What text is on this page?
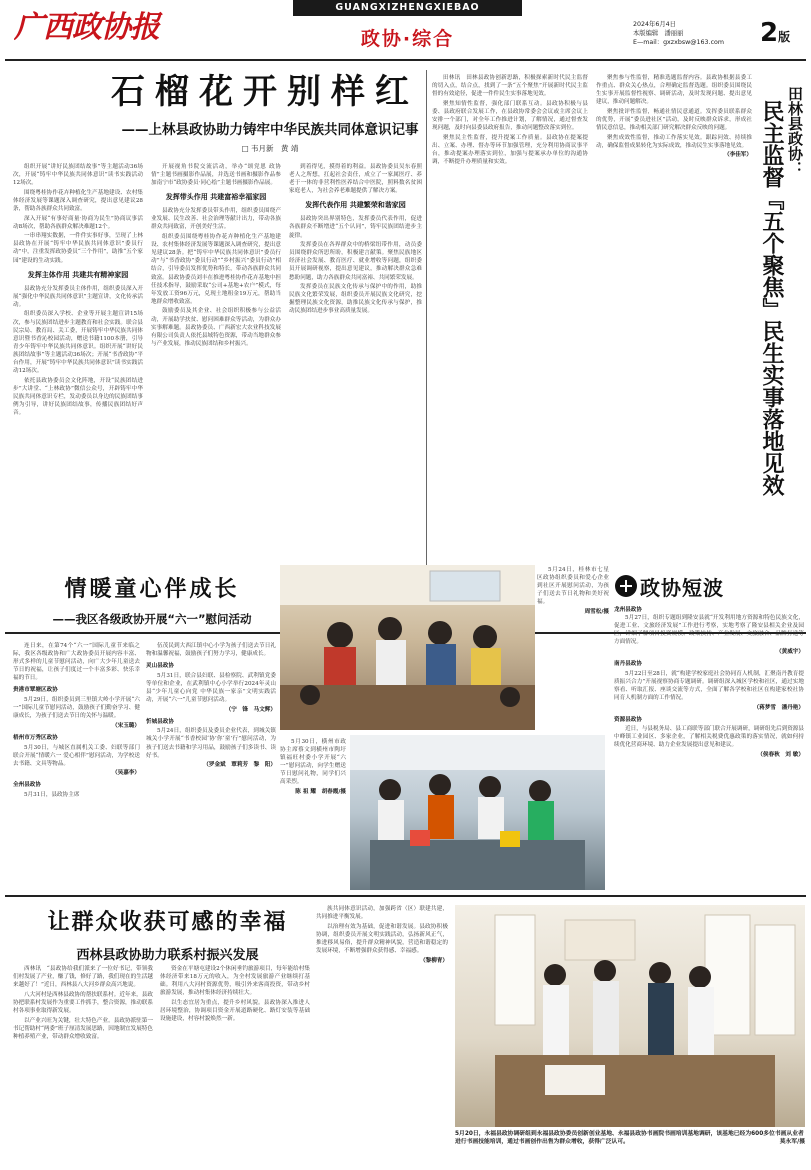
广西政协报
GUANGXIZHENGXIEBAO
政协·综合
2024年6月4日
本版编辑　潘丽丽
E—mail：gxzxbsw@163.com	2版
石榴花开别样红
——上林县政协助力铸牢中华民族共同体意识记事
□ 韦月新　黄 靖

组织开展“讲好民族团结故事”等主题活动36场次，开展“铸牢中华民族共同体意识”读书实践活动12场次。

围绕粤桂协作花卉种植化生产基地建设、农村集体经济发展等课题深入调查研究，提出意见建议28条，帮助各族群众共同致富。

深入开展“有事好商量·协商为民生”协商议事活动8场次，帮助各族群众解决难题12个。

一串串翔实数据，一件件实事好事，呈现了上林县政协在开展“铸牢中华民族共同体意识”委员行动”中，注重发挥政协委员“三个作用”，助推“五个家园”建设的生动实践。

发挥主体作用 共建共有精神家园

县政协充分发挥委员主体作用，组织委员深入开展“强化中华民族共同体意识”主题宣讲，文化传承活动。

组织委员深入学校、企业等开展主题宣讲15场次，参与民族团结进步主题教育和社会实践。联合县民宗局、教育局、关工委，开展铸牢中华民族共同体意识暨书香沁校园活动，赠送书籍1100本册，引导青少年铸牢中华民族共同体意识。组织开展“讲好民族团结故事”等主题活动36场次；开展“书香政协”平台作用，开展“铸牢中华民族共同体意识”读书实践活动12场次。

依托县政协委员会文化阵地，开设“民族团结进步”大讲堂、“上林政协”微信公众号，开辟铸牢中华民族共同体意识专栏，发动委员以身边的民族团结事例为引导，讲好民族团结故事，传播民族团结好声音。

开展视角书院交流活动，举办“颂党恩 政协情”主题书画摄影作品展，并选送书画和摄影作品参加南宁市“政协委员·同心绘”主题书画摄影作品展。

发挥带头作用 共建富裕幸福家园

县政协充分发挥委员带头作用，组织委员围绕产业发展、民生改善、社会治理等献计出力，带动各族群众共同致富，开创美好生活。

组织委员围绕粤桂协作花卉种植化生产基地建设、农村集体经济发展等课题深入调查研究，提出意见建议28条。把“铸牢中华民族共同体意识”委员行动”与“书香政协”委员行动”“乡村振兴”委员行动”相结合，引导委员发挥优势和特长，带动各族群众共同致富。县政协委员刘丰在推进粤桂协作花卉基地中担任技术指导，鼓励采取“公司+基地+农户”模式，每年发放工资96万元，兑现土地租金19万元，帮助当地群众增收致富。

鼓励委员及其企业、社会组织积极参与公益活动，开展助学扶贫、慰问困难群众等活动，为群众办实事解难题。县政协委员、广西新宏大农业科技发展有限公司负责人依托县域特色资源，带动当地群众参与产业发展，推动民族团结和乡村振兴。

到着得见，摸得着的利益。县政协委员吴东春照老人之所想，扛起社会责任，成立了一家属医疗、养老于一体的非营利性医养结合中医院，照料数名贫困家庭老人，为社会养老难题提供了解决方案。

发挥代表作用 共建繁荣和谐家园

县政协突出界别特色，发挥委员代表作用，促进各族群众不断增进“五个认同”，铸牢民族团结进步主旋律。

发挥委员在各界群众中的桥梁纽带作用，动员委员围绕群众所思所盼，积极建言献策。聚焦民族地区经济社会发展、教育医疗、就业增收等问题，组织委员开展调研视察，提出意见建议，推动解决群众急难愁盼问题，助力各族群众共同富裕、共同繁荣发展。

发挥委员在民族文化传承与保护中的作用，助推民族文化繁荣发展，组织委员开展民族文化研究，挖掘整理民族文化资源，助推民族文化传承与保护，推动民族团结进步事业高质量发展。

田林讯　田林县政协创新思路，积极探索新时代民主监督的切入点，结合点，找到了一条“五个聚焦”开展新时代民主监督的有效途径，促进一件件民生实事落地见效。

聚焦知情性监督，强化部门联系互动。县政协积极与县委、县政府联合发展工作，在县政协常委会会议或主席会议上安排一个部门，对全年工作推进计划，了解情况，通过督查发现问题，及时向县委县政府报告，推动问题整改落实到位。

聚焦民主性监督，提升提案工作质量。县政协在提案提出、立案、办理、督办等环节加强管理，充分利用协商议事平台，推动提案办理落实到位，加强与提案承办单位的沟通协调，不断提升办理质量和实效。

聚焦参与性监督，精准选题监督内容。县政协根据县委工作重点、群众关心热点，合理确定监督选题。组织委员围绕民生实事开展监督性视察、调研活动，及时发现问题、提出意见建议，推动问题解决。

聚焦批评性监督，畅通社情民意通道。发挥委员联系群众的优势，开展“委员进社区”活动，及时反映群众诉求，形成社情民意信息，推动相关部门研究解决群众反映的问题。

聚焦成效性监督，推动工作落实见效。跟踪问效、持续推动，确保监督成果转化为实际成效，推动民生实事落地见效。

（李佳军） 田林县政协：
民主监督『五个聚焦』民生实事落地见效
情暖童心伴成长
——我区各级政协开展“六一”慰问活动

连日来，在第74个“六一”国际儿童节来临之际，我区各级政协和广大政协委员开展内容丰富、形式多样的儿童节慰问活动，向广大少年儿童送去节日的祝福，让孩子们度过一个丰富多彩、快乐幸福的节日。

贵港市覃塘区政协

5月29日，组织委员到三里镇大岭小学开展“六一”国际儿童节慰问活动，鼓励孩子们勤奋学习、健康成长，为孩子们送去节日的关怀与温暖。

（宋玉璐）

梧州市万秀区政协

5月30日，与城区直属机关工委、妇联等部门联合开展“情暖六一 爱心相伴”慰问活动，为学校送去书籍、文具等物品。

（吴嘉李）

全州县政协

5月31日，县政协主席

伍茂民到大西江镇中心小学为孩子们送去节日礼物和温馨祝福，鼓励孩子们努力学习，健康成长。

灵山县政协

5月31日，联合县妇联、县检察院、武利镇党委等单位和企业，在武利镇中心小学举行2024年灵山县“少年儿童心向党 中华民族一家亲”文明实践活动，开展“六一”儿童节慰问活动。

（宁　锋　马文辉）

忻城县政协

5月24日，组织委员及委员企业代表，到城关镇城关小学开展“书香校园‘协’你‘童’行”慰问活动，为孩子们送去书籍和学习用品，鼓励孩子们多读书、读好书。

（罗金斌　覃莉芳　黎　阳）

5月24日，桂林市七星区政协组织委员和爱心企业到社区开展慰问活动，为孩子们送去节日礼物和美好祝福。

周雪松/摄

5月30日，横州市政协主席蔡文到横州市陶圩镇福旺村委小学开展“六一”慰问活动，向学生赠送节日慰问礼物，同学们兴高采烈。

陈 祖 耀　胡春霞/摄

政协短波

龙州县政协

5月27日，组织专题组到隆安县就“开发利用地方资源和特色民族文化，促进工业、文旅经济发展”工作进行考察，实地考察了隆安县相关企业及园区，详细了解项目投资规模、政策扶持、产业发展、文旅融合、品牌打造等方面情况。

（黄威宇）

南丹县政协

5月22日至28日，就“构建学校家庭社会协同育人机制，汇聚南丹教育提质振兴合力”开展视察协商专题调研。调研组深入城区学校和社区，通过实地察看、听取汇报、座谈交流等方式，全面了解各学校和社区在构建家校社协同育人机制方面的工作情况。

（蒋梦雪　潘丹艳）

资源县政协

近日，与县税务局、县工商联等部门联合开展调研，调研组先后到资源县中峰镇工业园区、多家企业，了解相关税费优惠政策的落实情况，就如何持续优化营商环境、助力企业发展提出意见和建议。

（侯春秋　刘 敏）

让群众收获可感的幸福
西林县政协助力联系村振兴发展

西林讯　“县政协给我们派来了一位好书记，带领我们村发展了产业，赚了钱，修好了路，我们现在的生活越来越好了！”近日，西林县八大河乡群众高兴地说。

八大河村是西林县政协的帮扶联系村。近年来，县政协把联系村发展作为重要工作抓手，整合资源，推动联系村各项事业取得新发展。

以产业兴旺为关键，壮大特色产业。县政协派驻第一书记帮助村“两委”班子厘清发展思路，因地制宜发展特色种植养殖产业，带动群众增收致富。

资金在平塘屯建设2个休闲垂钓旅游项目，每年能给村集体经济带来18万元的收入，为全村发展旅游产业继续打基础。利用八大河村资源优势，吸引外来客商投资，带动乡村旅游发展，推动村集体经济持续壮大。

以生态宜居为重点，提升乡村风貌。县政协深入推进人居环境整治，协调项目资金开展道路硬化、路灯安装等基础设施建设，村容村貌焕然一新。

族共同体意识活动，加强跨省（区）联建共建，共同推进平衡发展。

以治理有效为基础，促进和谐发展。县政协积极协调，组织委员开展文明实践活动，弘扬新风正气，推进移风易俗，提升群众精神风貌，营造和谐稳定的发展环境，不断增强群众获得感、幸福感。

（黎柳青）

5月20日，永福县政协调研组到永福县政协委员创新创业基地、永福县政协书画院书画培训基地调研，该基地已经为600多位书画从业者进行书画技能培训，通过书画创作出售为群众增收，获得广泛认可。	莫永军/摄
